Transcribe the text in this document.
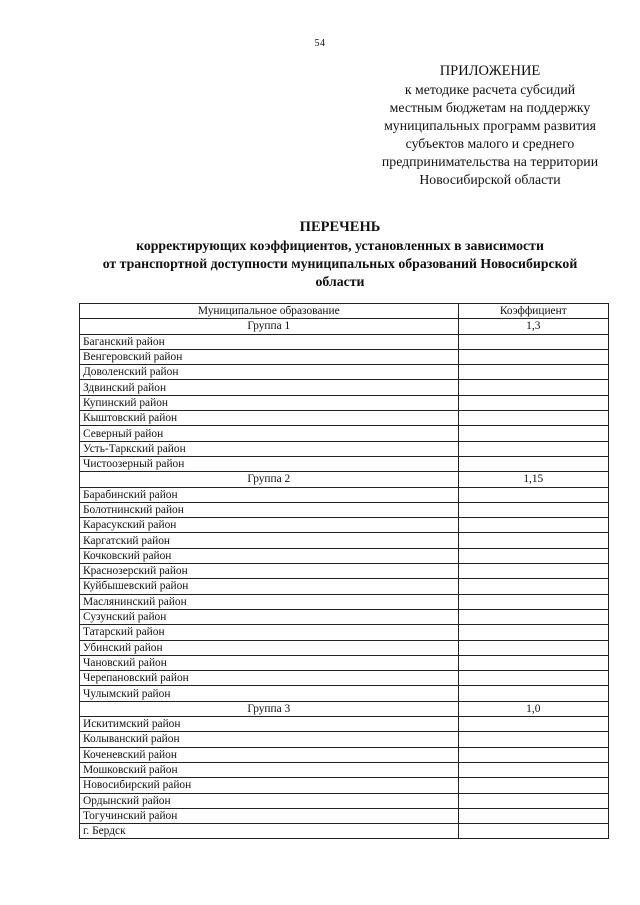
54
ПРИЛОЖЕНИЕ
к методике расчета субсидий
местным бюджетам на поддержку
муниципальных программ развития
субъектов малого и среднего
предпринимательства на территории
Новосибирской области
ПЕРЕЧЕНЬ
корректирующих коэффициентов, установленных в зависимости
от транспортной доступности муниципальных образований Новосибирской
области
Муниципальное образование	Коэффициент
Группа 1	1,3
Баганский район	
Венгеровский район	
Доволенский район	
Здвинский район	
Купинский район	
Кыштовский район	
Северный район	
Усть-Таркский район	
Чистоозерный район	
Группа 2	1,15
Барабинский район	
Болотнинский район	
Карасукский район	
Каргатский район	
Кочковский район	
Краснозерский район	
Куйбышевский район	
Маслянинский район	
Сузунский район	
Татарский район	
Убинский район	
Чановский район	
Черепановский район	
Чулымский район	
Группа 3	1,0
Искитимский район	
Колыванский район	
Коченевский район	
Мошковский район	
Новосибирский район	
Ордынский район	
Тогучинский район	
г. Бердск	
